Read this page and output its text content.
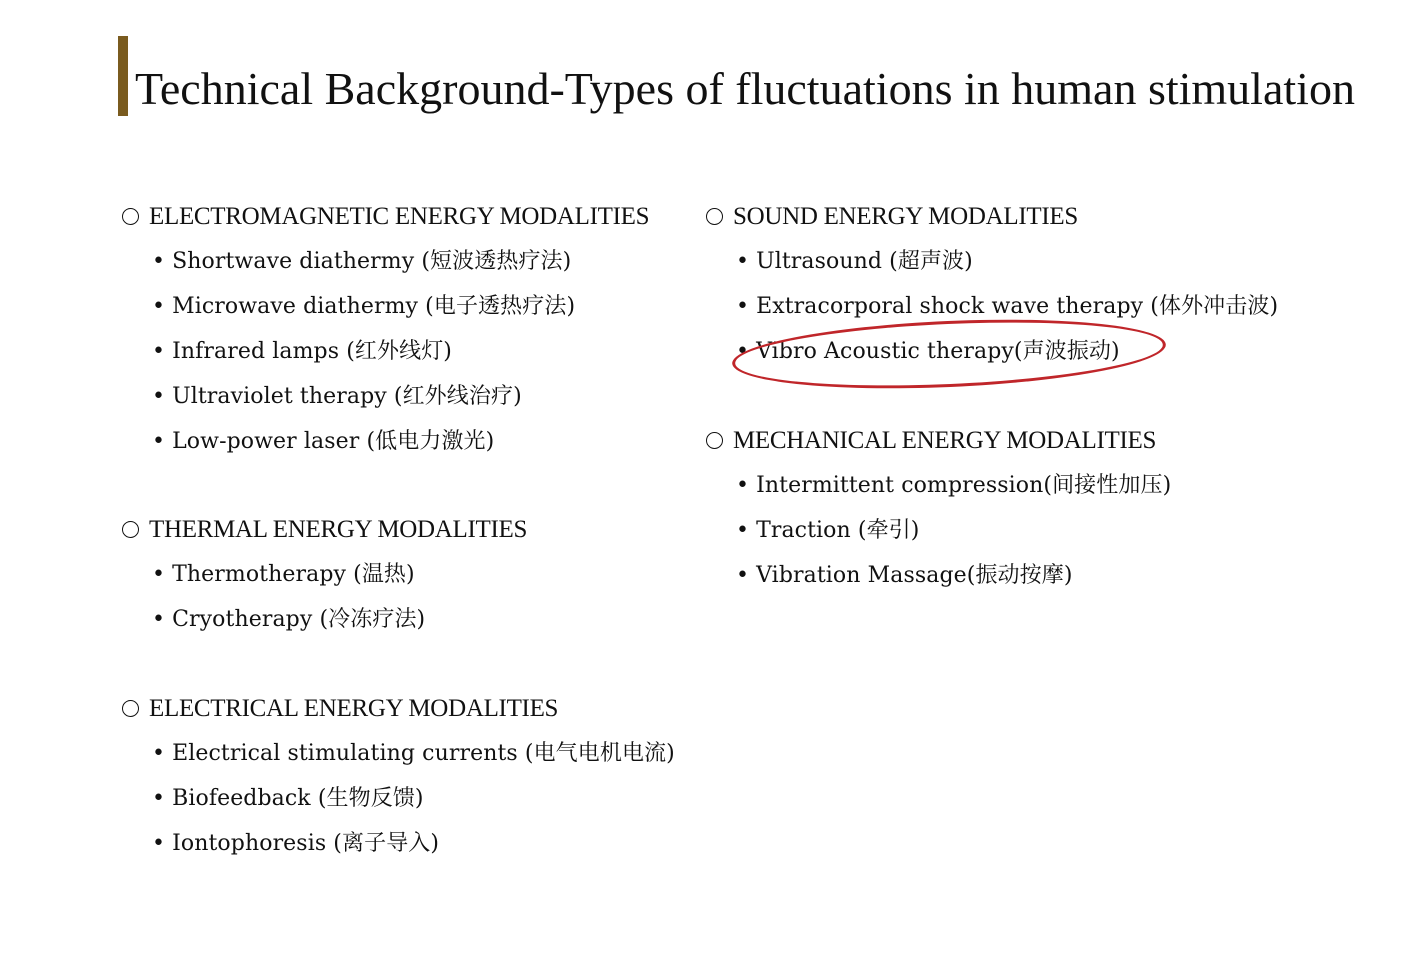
Technical Background-Types of fluctuations in human stimulation
ELECTROMAGNETIC ENERGY MODALITIES
• Shortwave diathermy (短波透热疗法)
• Microwave diathermy (电子透热疗法)
• Infrared lamps (红外线灯)
• Ultraviolet therapy (红外线治疗)
• Low-power laser (低电力激光)
THERMAL ENERGY MODALITIES
• Thermotherapy (温热)
• Cryotherapy (冷冻疗法)
ELECTRICAL ENERGY MODALITIES
• Electrical stimulating currents (电气电机电流)
• Biofeedback (生物反馈)
• Iontophoresis (离子导入)
SOUND ENERGY MODALITIES
• Ultrasound (超声波)
• Extracorporal shock wave therapy (体外冲击波)
• Vibro Acoustic therapy(声波振动)
MECHANICAL ENERGY MODALITIES
• Intermittent compression(间接性加压)
• Traction (牵引)
• Vibration Massage(振动按摩)
